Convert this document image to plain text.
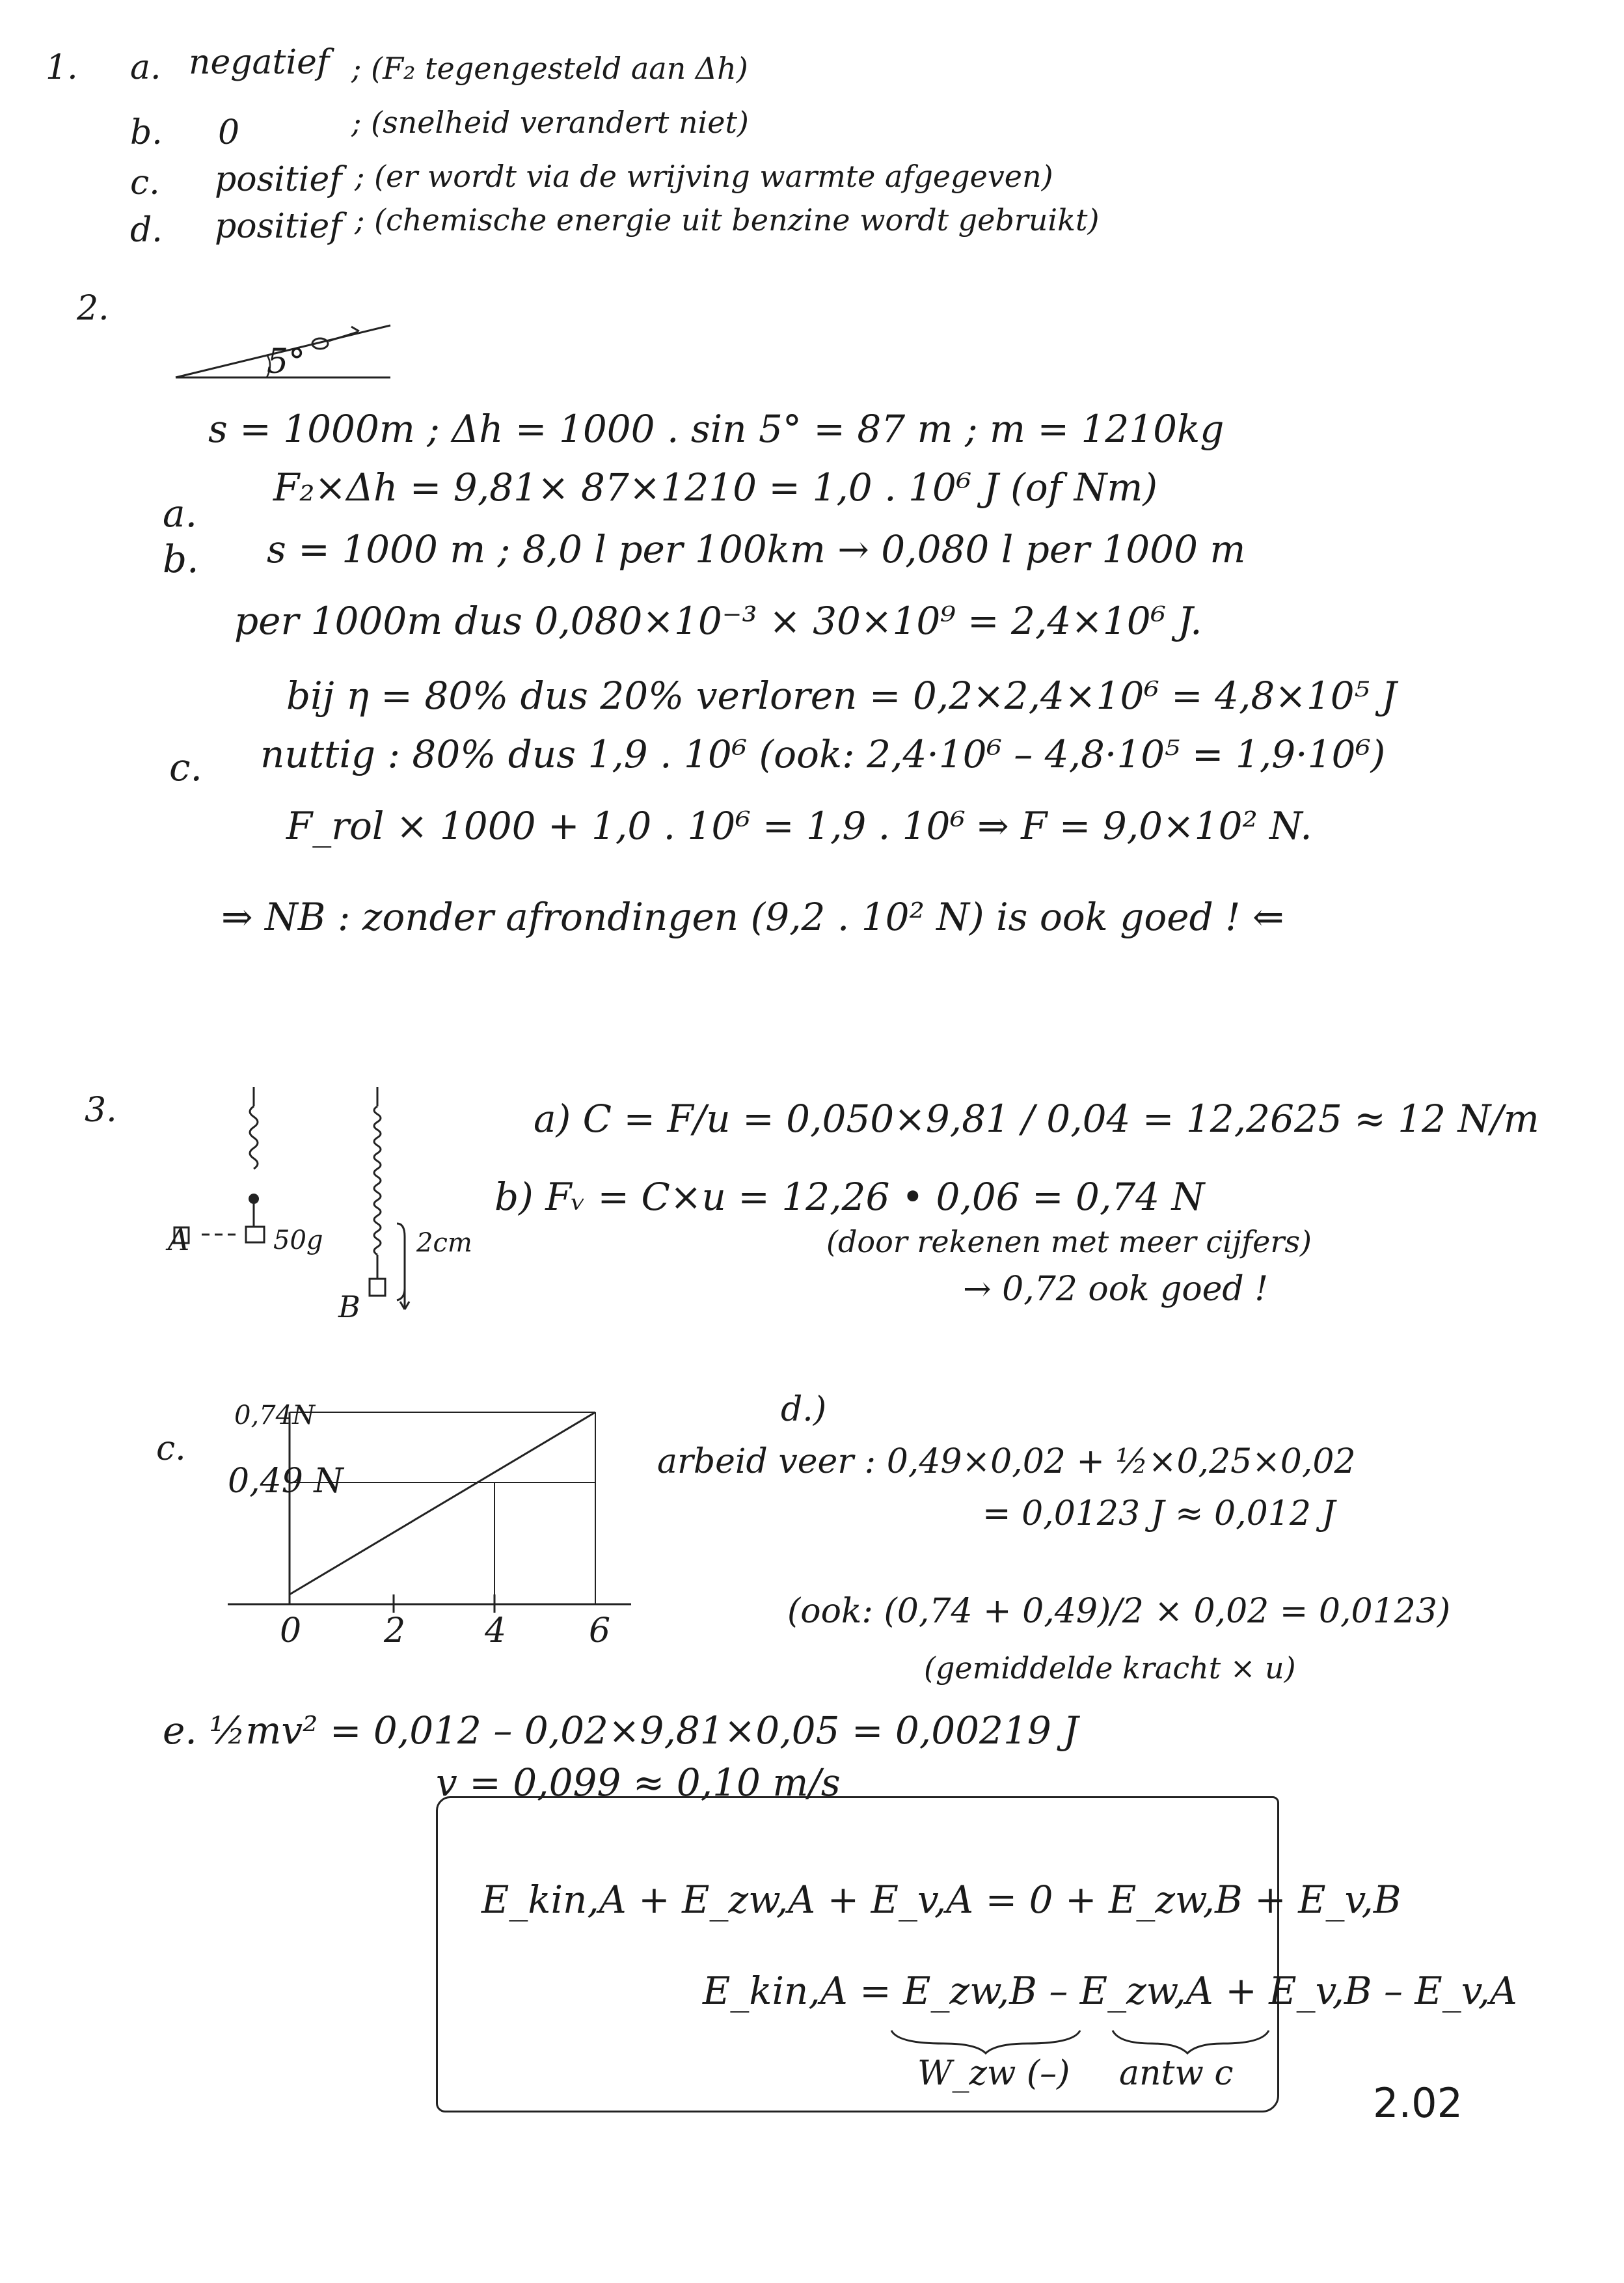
1. a. negatief ; (F₂ tegengesteld aan Δh)
b. 0	; (snelheid verandert niet)
c. positief ; (er wordt via de wrijving warmte afgegeven)
d. positief ; (chemische energie uit benzine wordt gebruikt)
2.
5°
s = 1000m ; Δh = 1000 . sin 5° = 87 m ; m = 1210kg
a.
F₂×Δh = 9,81× 87×1210 = 1,0 . 10⁶ J (of Nm)
b. s = 1000 m ; 8,0 l per 100km → 0,080 l per 1000 m
per 1000m dus 0,080×10⁻³ × 30×10⁹ = 2,4×10⁶ J.
bij η = 80% dus 20% verloren = 0,2×2,4×10⁶ = 4,8×10⁵ J
c. nuttig : 80% dus 1,9 . 10⁶ (ook: 2,4·10⁶ – 4,8·10⁵ = 1,9·10⁶)
F_rol × 1000 + 1,0 . 10⁶ = 1,9 . 10⁶ ⇒ F = 9,0×10² N.
⇒ NB : zonder afrondingen (9,2 . 10² N) is ook goed ! ⇐
3.
A	50g	2cm
B
a) C = F/u = 0,050×9,81 / 0,04 = 12,2625 ≈ 12 N/m
b) Fᵥ = C×u = 12,26 • 0,06 = 0,74 N
(door rekenen met meer cijfers)
→ 0,72 ook goed !
c.
0,74N
0,49 N
0 2 4 6
d.)
arbeid veer : 0,49×0,02 + ½×0,25×0,02
= 0,0123 J ≈ 0,012 J
(ook: (0,74 + 0,49)/2 × 0,02 = 0,0123)
(gemiddelde kracht × u)
e. ½mv² = 0,012 – 0,02×9,81×0,05 = 0,00219 J
v = 0,099 ≈ 0,10 m/s
E_kin,A + E_zw,A + E_v,A = 0 + E_zw,B + E_v,B
E_kin,A = E_zw,B – E_zw,A + E_v,B – E_v,A
W_zw (–) antw c
2.02
